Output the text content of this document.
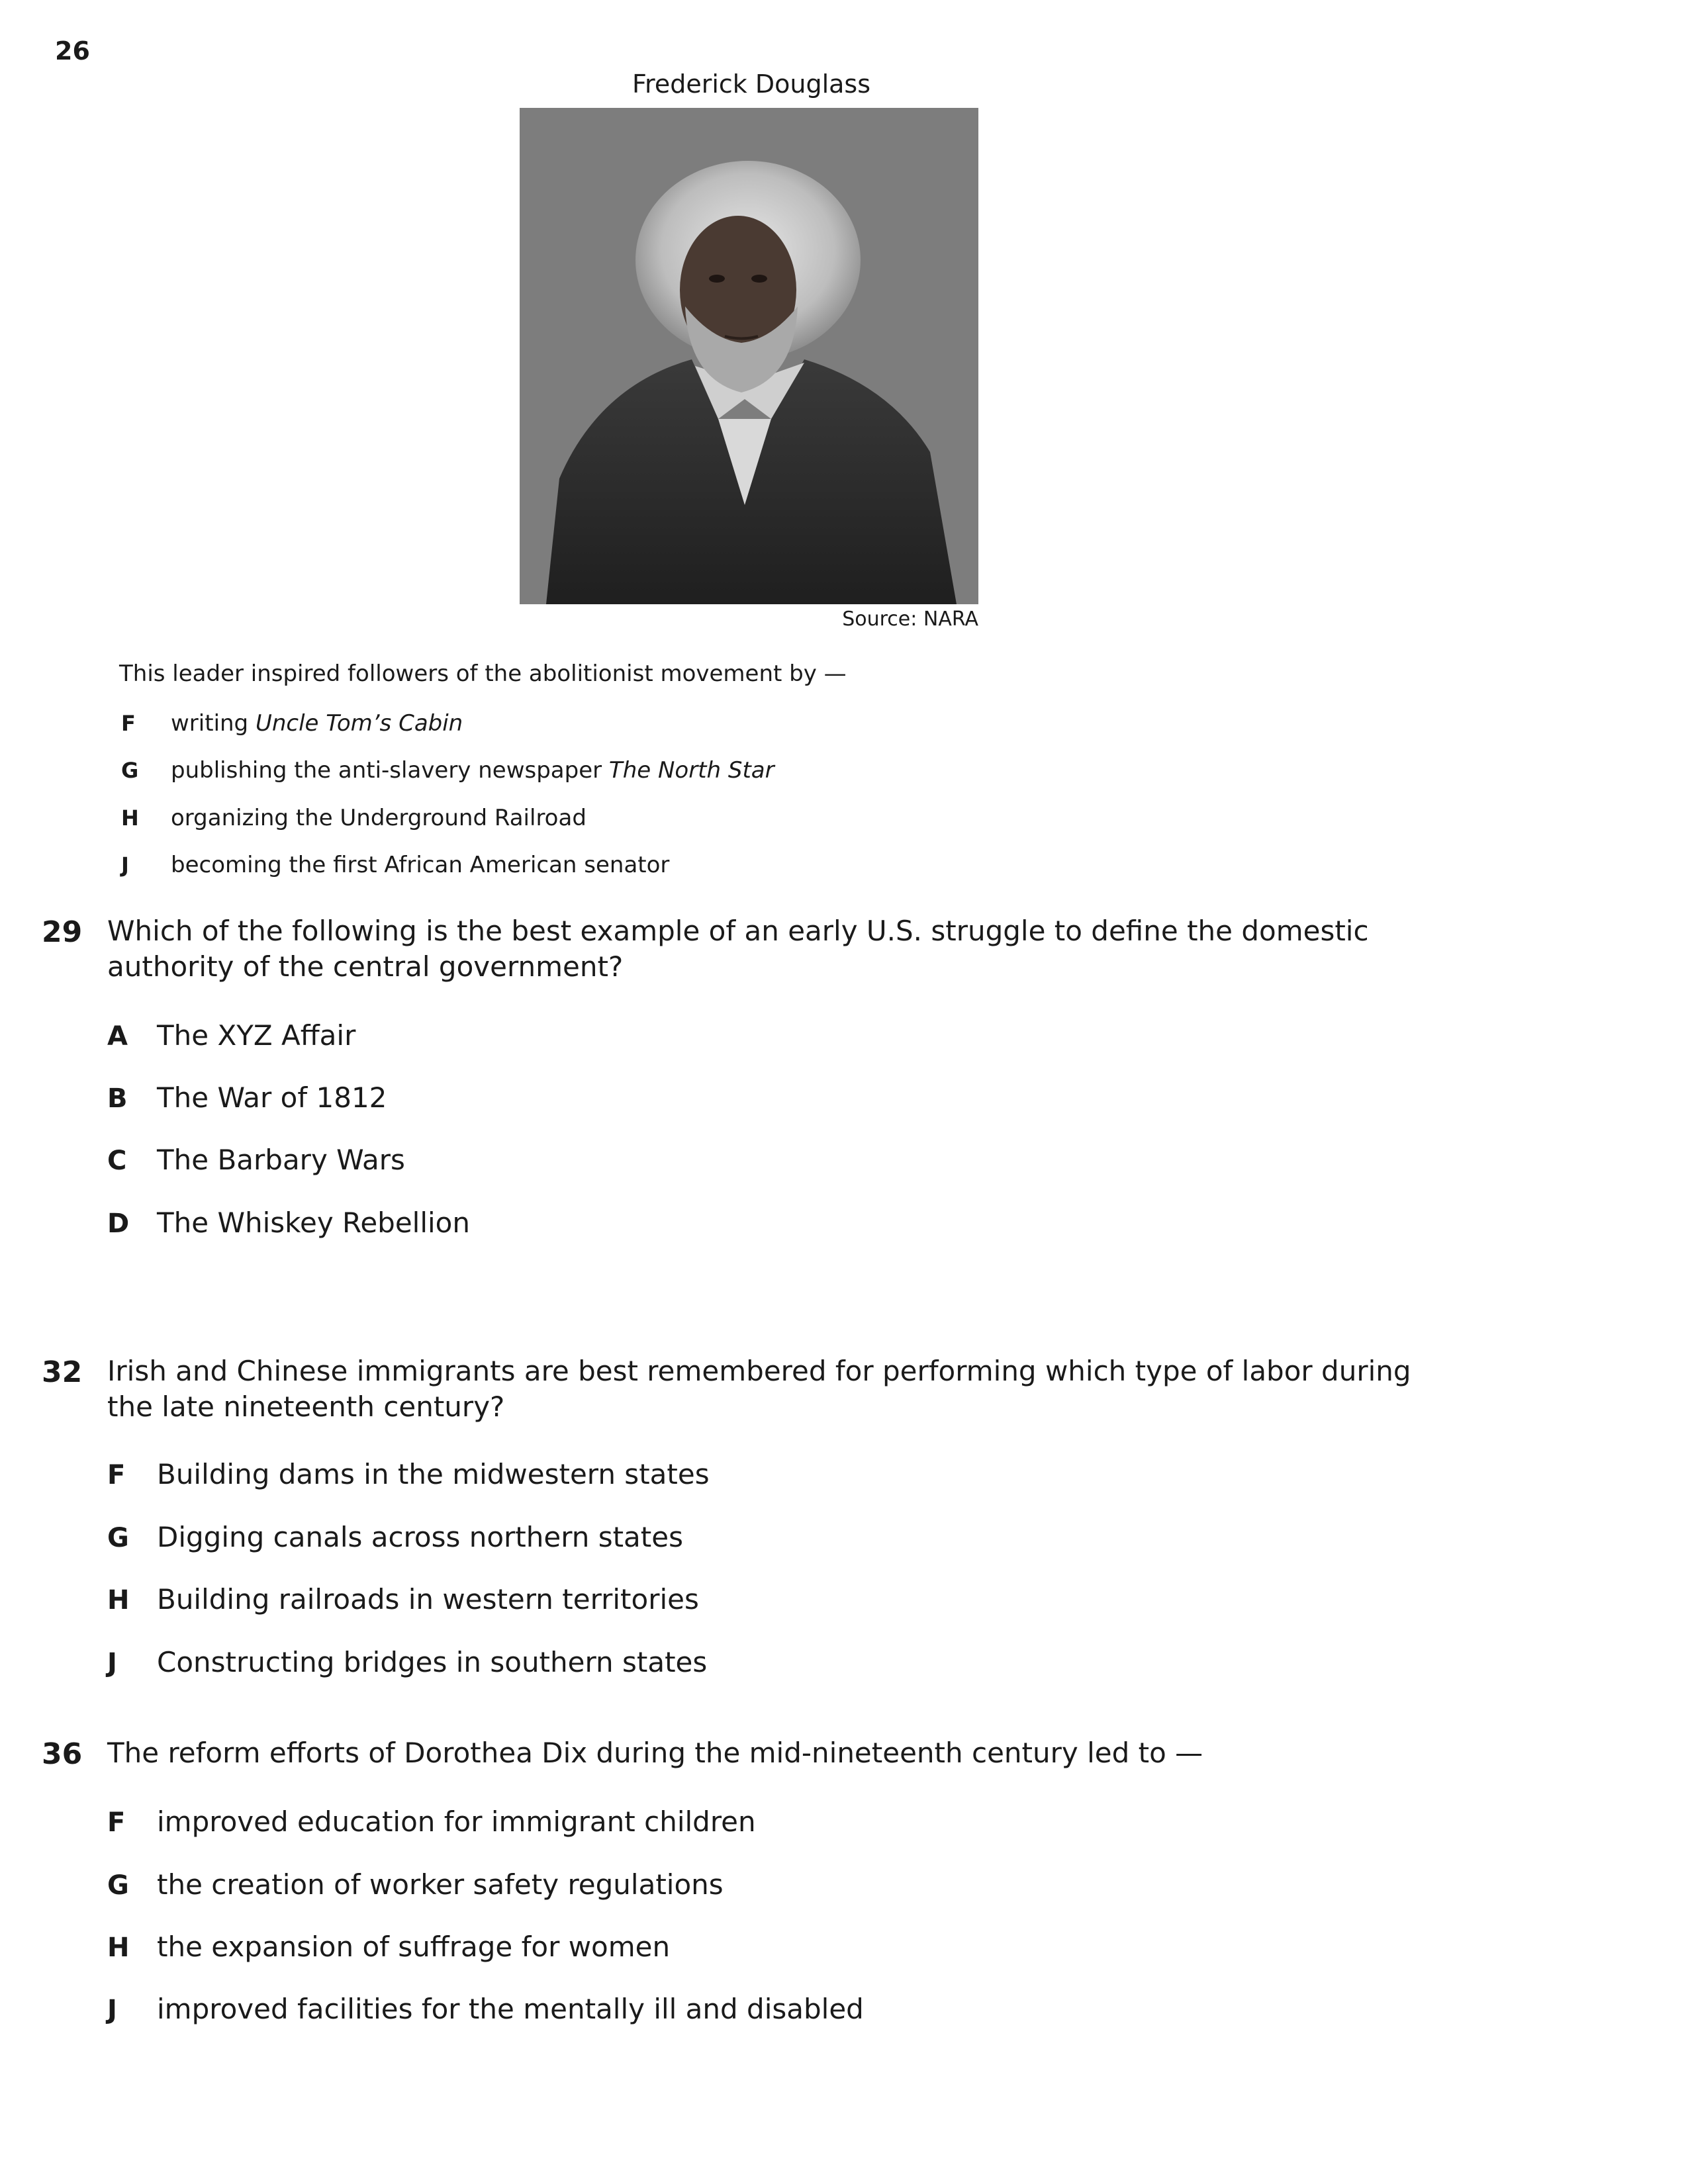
26
Frederick Douglass
Source: NARA
This leader inspired followers of the abolitionist movement by —
F writing Uncle Tom’s Cabin
G publishing the anti-slavery newspaper The North Star
H organizing the Underground Railroad
J becoming the first African American senator
29 Which of the following is the best example of an early U.S. struggle to define the domestic
authority of the central government?
A The XYZ Affair
B The War of 1812
C The Barbary Wars
D The Whiskey Rebellion
32 Irish and Chinese immigrants are best remembered for performing which type of labor during
the late nineteenth century?
F Building dams in the midwestern states
G Digging canals across northern states
H Building railroads in western territories
J Constructing bridges in southern states
36 The reform efforts of Dorothea Dix during the mid-nineteenth century led to —
F improved education for immigrant children
G the creation of worker safety regulations
H the expansion of suffrage for women
J improved facilities for the mentally ill and disabled
